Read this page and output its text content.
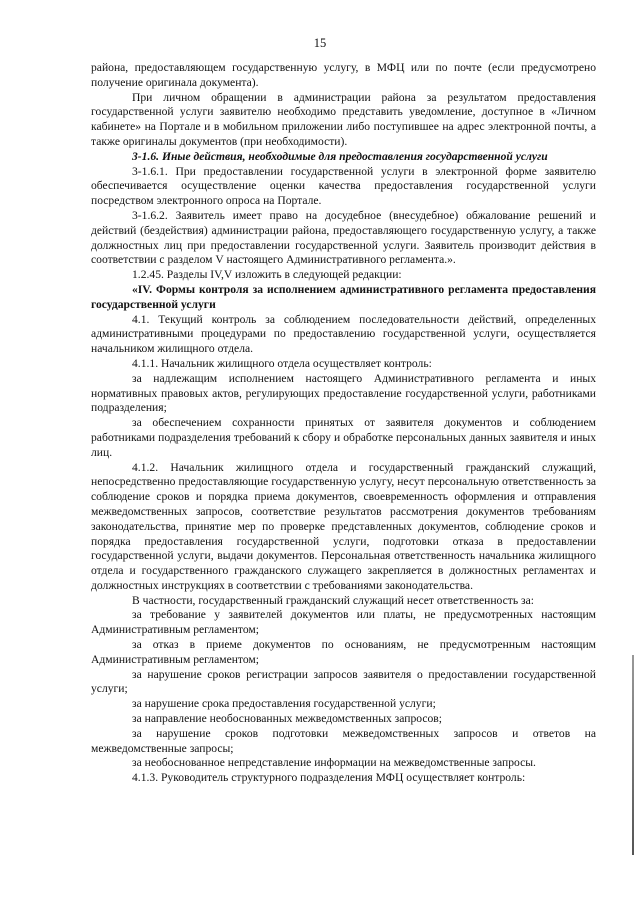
15

района, предоставляющем государственную услугу, в МФЦ или по почте (если предусмотрено получение оригинала документа).

При личном обращении в администрации района за результатом предоставления государственной услуги заявителю необходимо представить уведомление, доступное в «Личном кабинете» на Портале и в мобильном приложении либо поступившее на адрес электронной почты, а также оригиналы документов (при необходимости).

3-1.6. Иные действия, необходимые для предоставления государственной услуги

3-1.6.1. При предоставлении государственной услуги в электронной форме заявителю обеспечивается осуществление оценки качества предоставления государственной услуги посредством электронного опроса на Портале.

3-1.6.2. Заявитель имеет право на досудебное (внесудебное) обжалование решений и действий (бездействия) администрации района, предоставляющего государственную услугу, а также должностных лиц при предоставлении государственной услуги. Заявитель производит действия в соответствии с разделом V настоящего Административного регламента.».

1.2.45. Разделы IV,V изложить в следующей редакции:

«IV. Формы контроля за исполнением административного регламента предоставления государственной услуги

4.1. Текущий контроль за соблюдением последовательности действий, определенных административными процедурами по предоставлению государственной услуги, осуществляется начальником жилищного отдела.

4.1.1. Начальник жилищного отдела осуществляет контроль:

за надлежащим исполнением настоящего Административного регламента и иных нормативных правовых актов, регулирующих предоставление государственной услуги, работниками подразделения;

за обеспечением сохранности принятых от заявителя документов и соблюдением работниками подразделения требований к сбору и обработке персональных данных заявителя и иных лиц.

4.1.2. Начальник жилищного отдела и государственный гражданский служащий, непосредственно предоставляющие государственную услугу, несут персональную ответственность за соблюдение сроков и порядка приема документов, своевременность оформления и отправления межведомственных запросов, соответствие результатов рассмотрения документов требованиям законодательства, принятие мер по проверке представленных документов, соблюдение сроков и порядка предоставления государственной услуги, подготовки отказа в предоставлении государственной услуги, выдачи документов. Персональная ответственность начальника жилищного отдела и государственного гражданского служащего закрепляется в должностных регламентах и должностных инструкциях в соответствии с требованиями законодательства.

В частности, государственный гражданский служащий несет ответственность за:

за требование у заявителей документов или платы, не предусмотренных настоящим Административным регламентом;

за отказ в приеме документов по основаниям, не предусмотренным настоящим Административным регламентом;

за нарушение сроков регистрации запросов заявителя о предоставлении государственной услуги;

за нарушение срока предоставления государственной услуги;

за направление необоснованных межведомственных запросов;

за нарушение сроков подготовки межведомственных запросов и ответов на межведомственные запросы;

за необоснованное непредставление информации на межведомственные запросы.

4.1.3. Руководитель структурного подразделения МФЦ осуществляет контроль:
